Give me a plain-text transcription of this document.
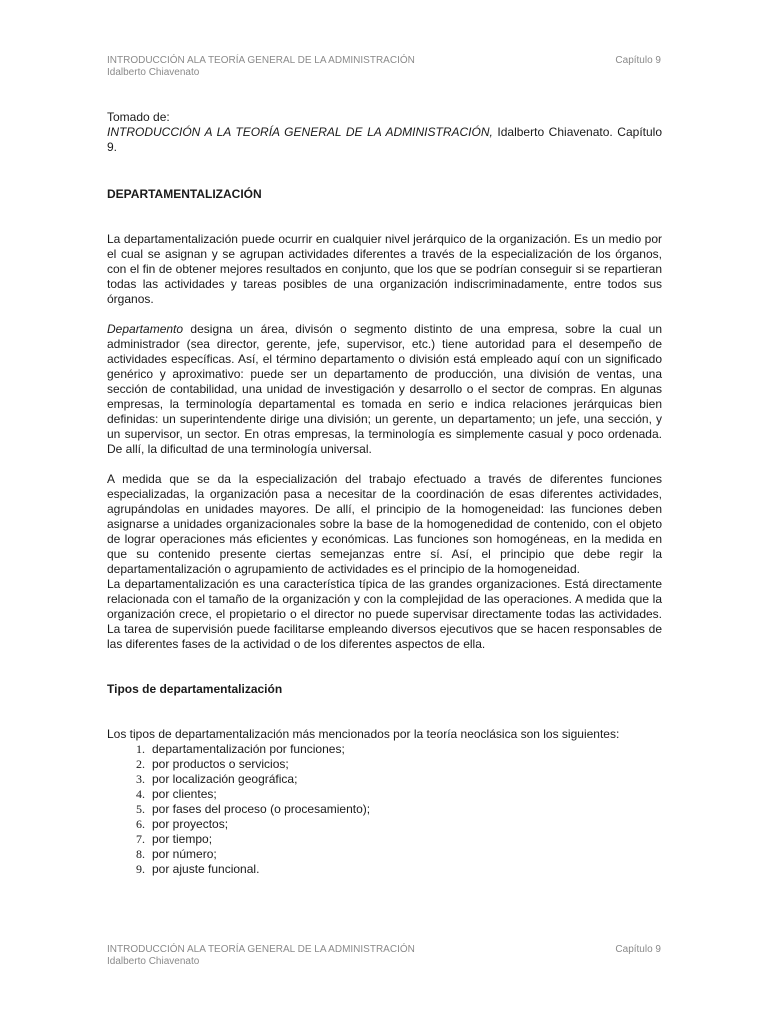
INTRODUCCIÓN ALA TEORÍA GENERAL DE LA ADMINISTRACIÓN	Capítulo 9
Idalberto Chiavenato

Tomado de:

INTRODUCCIÓN A LA TEORÍA GENERAL DE LA ADMINISTRACIÓN, Idalberto Chiavenato. Capítulo 9.

DEPARTAMENTALIZACIÓN

La departamentalización puede ocurrir en cualquier nivel jerárquico de la organización. Es un medio por el cual se asignan y se agrupan actividades diferentes a través de la especialización de los órganos, con el fin de obtener mejores resultados en conjunto, que los que se podrían conseguir si se repartieran todas las actividades y tareas posibles de una organización indiscriminadamente, entre todos sus órganos.

Departamento designa un área, divisón o segmento distinto de una empresa, sobre la cual un administrador (sea director, gerente, jefe, supervisor, etc.) tiene autoridad para el desempeño de actividades específicas. Así, el término departamento o división está empleado aquí con un significado genérico y aproximativo: puede ser un departamento de producción, una división de ventas, una sección de contabilidad, una unidad de investigación y desarrollo o el sector de compras. En algunas empresas, la terminología departamental es tomada en serio e indica relaciones jerárquicas bien definidas: un superintendente dirige una división; un gerente, un departamento; un jefe, una sección, y un supervisor, un sector. En otras empresas, la terminología es simplemente casual y poco ordenada. De allí, la dificultad de una terminología universal.

A medida que se da la especialización del trabajo efectuado a través de diferentes funciones especializadas, la organización pasa a necesitar de la coordinación de esas diferentes actividades, agrupándolas en unidades mayores. De allí, el principio de la homogeneidad: las funciones deben asignarse a unidades organizacionales sobre la base de la homogenedidad de contenido, con el objeto de lograr operaciones más eficientes y económicas. Las funciones son homogéneas, en la medida en que su contenido presente ciertas semejanzas entre sí. Así, el principio que debe regir la departamentalización o agrupamiento de actividades es el principio de la homogeneidad.

La departamentalización es una característica típica de las grandes organizaciones. Está directamente relacionada con el tamaño de la organización y con la complejidad de las operaciones. A medida que la organización crece, el propietario o el director no puede supervisar directamente todas las actividades. La tarea de supervisión puede facilitarse empleando diversos ejecutivos que se hacen responsables de las diferentes fases de la actividad o de los diferentes aspectos de ella.

Tipos de departamentalización

Los tipos de departamentalización más mencionados por la teoría neoclásica son los siguientes:

1. departamentalización por funciones;
2. por productos o servicios;
3. por localización geográfica;
4. por clientes;
5. por fases del proceso (o procesamiento);
6. por proyectos;
7. por tiempo;
8. por número;
9. por ajuste funcional.
INTRODUCCIÓN ALA TEORÍA GENERAL DE LA ADMINISTRACIÓN	Capítulo 9
Idalberto Chiavenato
